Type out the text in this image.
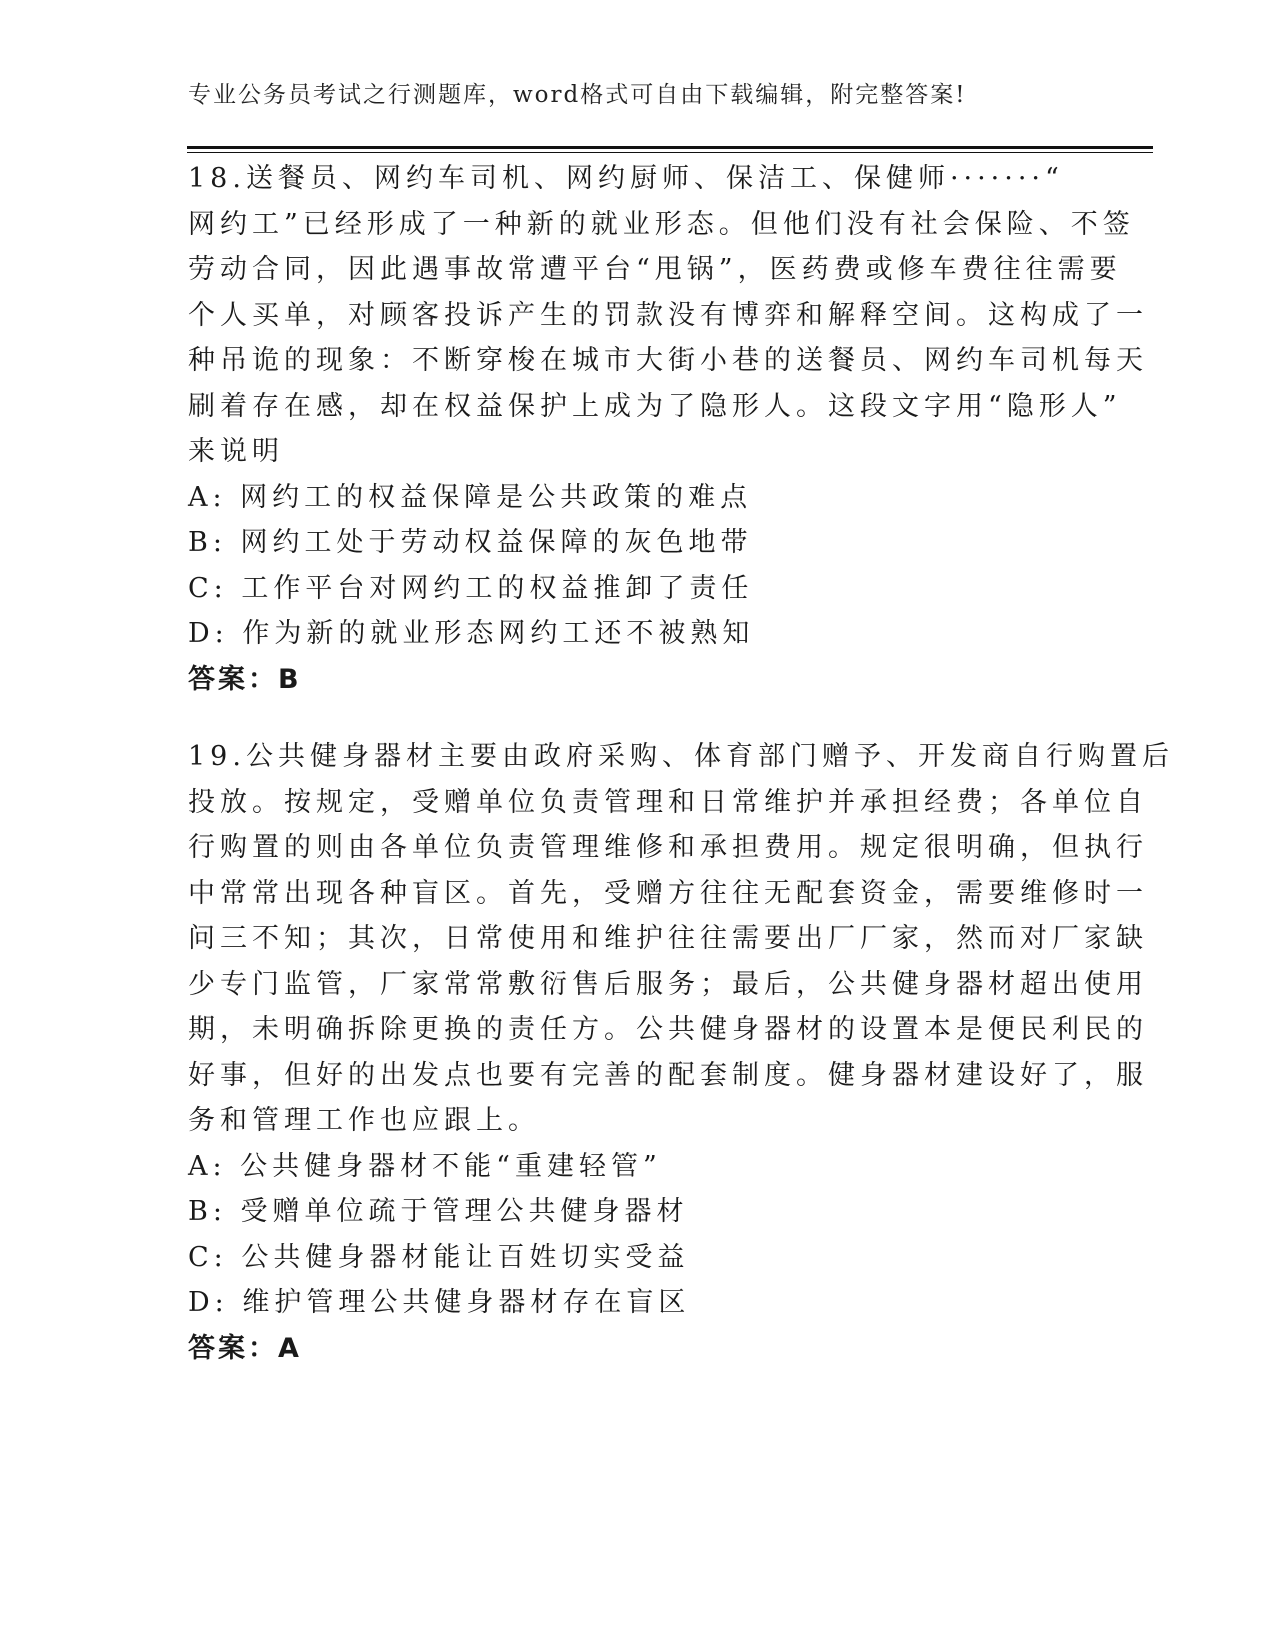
专业公务员考试之行测题库，word格式可自由下载编辑，附完整答案!
18.送餐员、网约车司机、网约厨师、保洁工、保健师·······“
网约工”已经形成了一种新的就业形态。但他们没有社会保险、不签
劳动合同，因此遇事故常遭平台“甩锅”，医药费或修车费往往需要
个人买单，对顾客投诉产生的罚款没有博弈和解释空间。这构成了一
种吊诡的现象：不断穿梭在城市大街小巷的送餐员、网约车司机每天
刷着存在感，却在权益保护上成为了隐形人。这段文字用“隐形人”
来说明
A: 网约工的权益保障是公共政策的难点
B: 网约工处于劳动权益保障的灰色地带
C: 工作平台对网约工的权益推卸了责任
D: 作为新的就业形态网约工还不被熟知
答案：B
19.公共健身器材主要由政府采购、体育部门赠予、开发商自行购置后
投放。按规定，受赠单位负责管理和日常维护并承担经费；各单位自
行购置的则由各单位负责管理维修和承担费用。规定很明确，但执行
中常常出现各种盲区。首先，受赠方往往无配套资金，需要维修时一
问三不知；其次，日常使用和维护往往需要出厂厂家，然而对厂家缺
少专门监管，厂家常常敷衍售后服务；最后，公共健身器材超出使用
期，未明确拆除更换的责任方。公共健身器材的设置本是便民利民的
好事，但好的出发点也要有完善的配套制度。健身器材建设好了，服
务和管理工作也应跟上。
A: 公共健身器材不能“重建轻管”
B: 受赠单位疏于管理公共健身器材
C: 公共健身器材能让百姓切实受益
D: 维护管理公共健身器材存在盲区
答案：A
